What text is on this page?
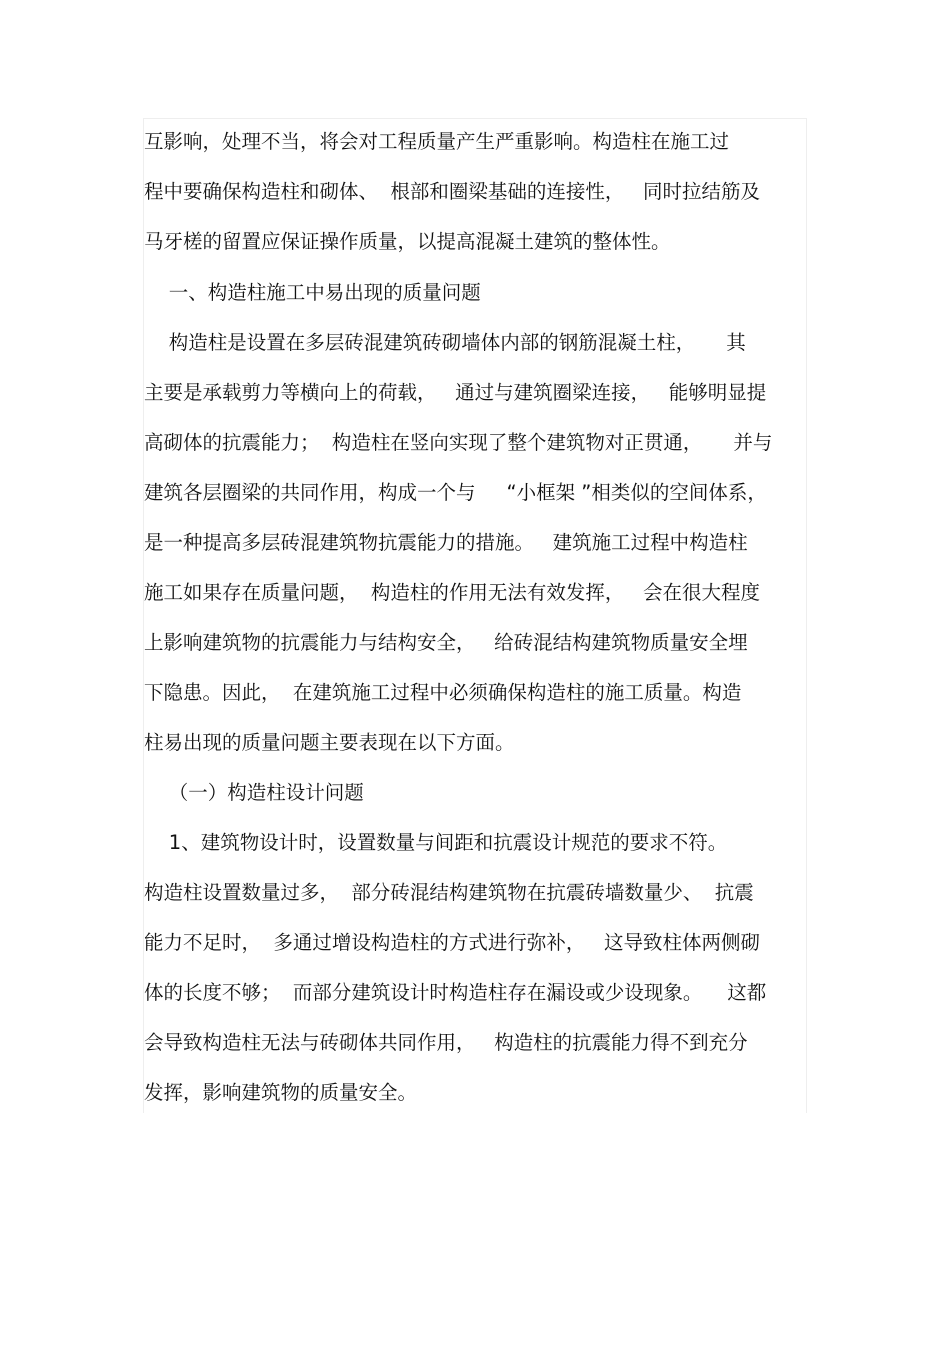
互影响，处理不当，将会对工程质量产生严重影响。构造柱在施工过
程中要确保构造柱和砌体、  根部和圈梁基础的连接性，   同时拉结筋及
马牙槎的留置应保证操作质量，以提高混凝土建筑的整体性。
一、构造柱施工中易出现的质量问题
构造柱是设置在多层砖混建筑砖砌墙体内部的钢筋混凝土柱，     其
主要是承载剪力等横向上的荷载，   通过与建筑圈梁连接，   能够明显提
高砌体的抗震能力；  构造柱在竖向实现了整个建筑物对正贯通，     并与
建筑各层圈梁的共同作用，构成一个与     “小框架 ”相类似的空间体系，
是一种提高多层砖混建筑物抗震能力的措施。   建筑施工过程中构造柱
施工如果存在质量问题，  构造柱的作用无法有效发挥，   会在很大程度
上影响建筑物的抗震能力与结构安全，   给砖混结构建筑物质量安全埋
下隐患。因此，  在建筑施工过程中必须确保构造柱的施工质量。构造
柱易出现的质量问题主要表现在以下方面。
（一）构造柱设计问题
1、建筑物设计时，设置数量与间距和抗震设计规范的要求不符。
构造柱设置数量过多，  部分砖混结构建筑物在抗震砖墙数量少、  抗震
能力不足时，  多通过增设构造柱的方式进行弥补，   这导致柱体两侧砌
体的长度不够；  而部分建筑设计时构造柱存在漏设或少设现象。    这都
会导致构造柱无法与砖砌体共同作用，   构造柱的抗震能力得不到充分
发挥，影响建筑物的质量安全。
